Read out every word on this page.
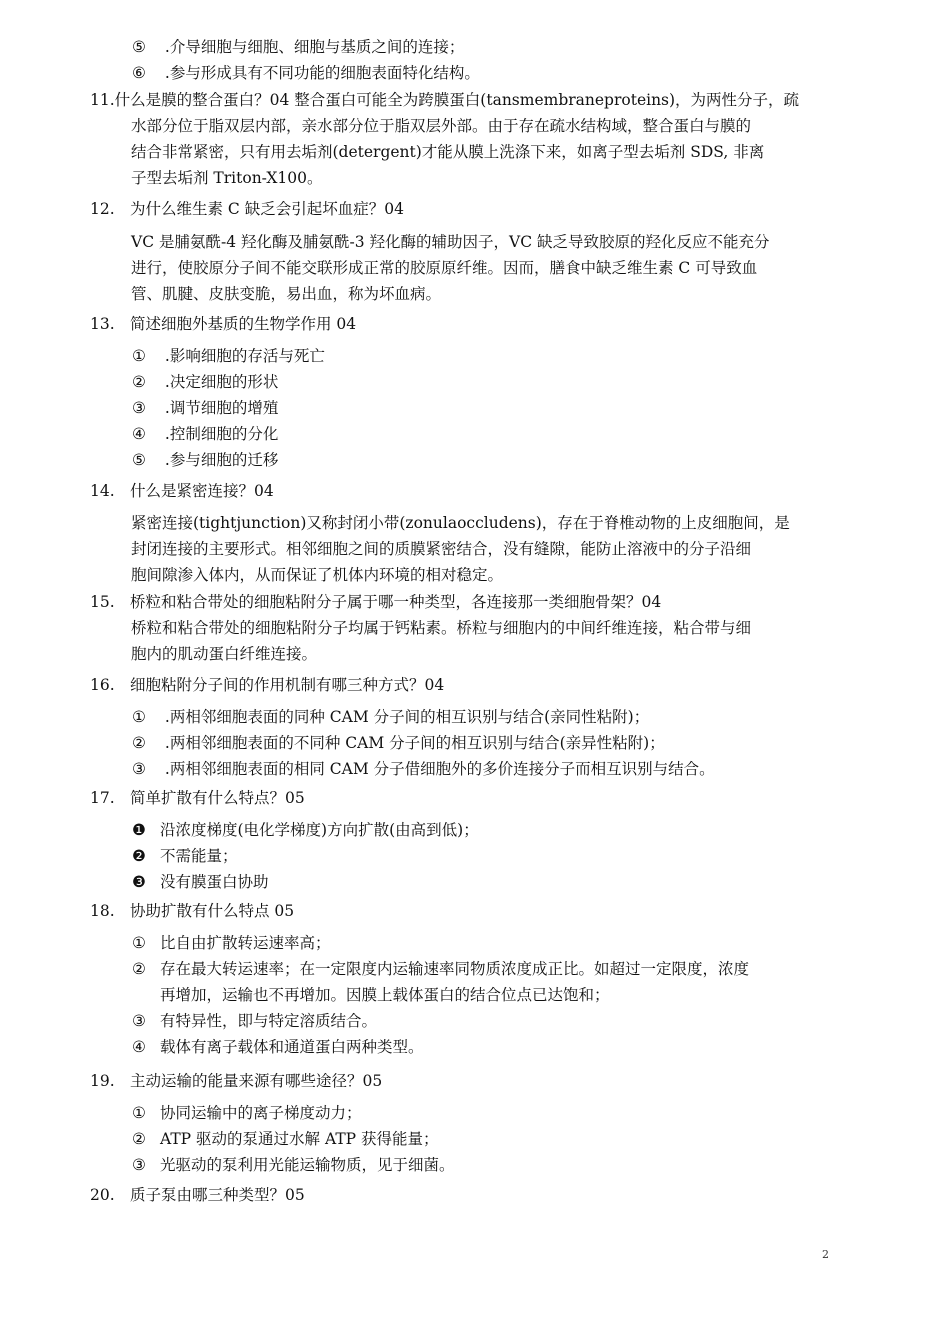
⑤ .介导细胞与细胞、细胞与基质之间的连接；
⑥ .参与形成具有不同功能的细胞表面特化结构。
11.什么是膜的整合蛋白？04 整合蛋白可能全为跨膜蛋白(tansmembraneproteins)，为两性分子，疏
水部分位于脂双层内部，亲水部分位于脂双层外部。由于存在疏水结构域，整合蛋白与膜的
结合非常紧密，只有用去垢剂(detergent)才能从膜上洗涤下来，如离子型去垢剂 SDS, 非离
子型去垢剂 Triton-X100。
12. 为什么维生素 C 缺乏会引起坏血症？04
VC 是脯氨酰-4 羟化酶及脯氨酰-3 羟化酶的辅助因子，VC 缺乏导致胶原的羟化反应不能充分
进行，使胶原分子间不能交联形成正常的胶原原纤维。因而，膳食中缺乏维生素 C 可导致血
管、肌腱、皮肤变脆，易出血，称为坏血病。
13. 简述细胞外基质的生物学作用 04
① .影响细胞的存活与死亡
② .决定细胞的形状
③ .调节细胞的增殖
④ .控制细胞的分化
⑤ .参与细胞的迁移
14. 什么是紧密连接？04
紧密连接(tightjunction)又称封闭小带(zonulaoccludens)，存在于脊椎动物的上皮细胞间，是
封闭连接的主要形式。相邻细胞之间的质膜紧密结合，没有缝隙，能防止溶液中的分子沿细
胞间隙渗入体内，从而保证了机体内环境的相对稳定。
15. 桥粒和粘合带处的细胞粘附分子属于哪一种类型，各连接那一类细胞骨架？04
桥粒和粘合带处的细胞粘附分子均属于钙粘素。桥粒与细胞内的中间纤维连接，粘合带与细
胞内的肌动蛋白纤维连接。
16. 细胞粘附分子间的作用机制有哪三种方式？04
① .两相邻细胞表面的同种 CAM 分子间的相互识别与结合(亲同性粘附)；
② .两相邻细胞表面的不同种 CAM 分子间的相互识别与结合(亲异性粘附)；
③ .两相邻细胞表面的相同 CAM 分子借细胞外的多价连接分子而相互识别与结合。
17. 简单扩散有什么特点？05
❶ 沿浓度梯度(电化学梯度)方向扩散(由高到低)；
❷ 不需能量；
❸ 没有膜蛋白协助
18. 协助扩散有什么特点 05
① 比自由扩散转运速率高；
② 存在最大转运速率；在一定限度内运输速率同物质浓度成正比。如超过一定限度，浓度
再增加，运输也不再增加。因膜上载体蛋白的结合位点已达饱和；
③ 有特异性，即与特定溶质结合。
④ 载体有离子载体和通道蛋白两种类型。
19. 主动运输的能量来源有哪些途径？05
① 协同运输中的离子梯度动力；
② ATP 驱动的泵通过水解 ATP 获得能量；
③ 光驱动的泵利用光能运输物质，见于细菌。
20. 质子泵由哪三种类型？05
2
